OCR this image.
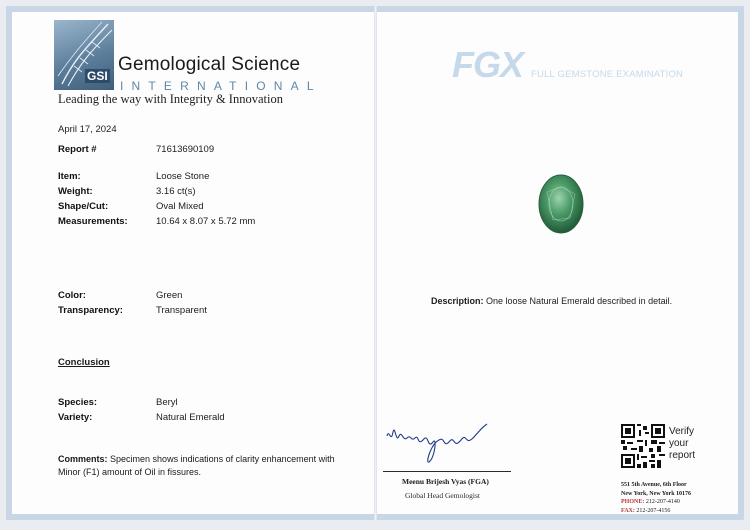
GSI
Gemological Science
INTERNATIONAL
Leading the way with Integrity & Innovation
April 17, 2024
Report #	71613690109
Item:	Loose Stone
Weight:	3.16 ct(s)
Shape/Cut:	Oval Mixed
Measurements:	10.64 x 8.07 x 5.72 mm
Color:	Green
Transparency:	Transparent
Conclusion
Species:	Beryl
Variety:	Natural Emerald
Comments: Specimen shows indications of clarity enhancement with
Minor (F1) amount of Oil in fissures.
FGX FULL GEMSTONE EXAMINATION
Description: One loose Natural Emerald described in detail.
Meenu Brijesh Vyas (FGA)
Global Head Gemologist
Verify
your
report
551 5th Avenue, 6th Floor
New York, New York 10176
PHONE: 212-207-4140
FAX: 212-207-4156
